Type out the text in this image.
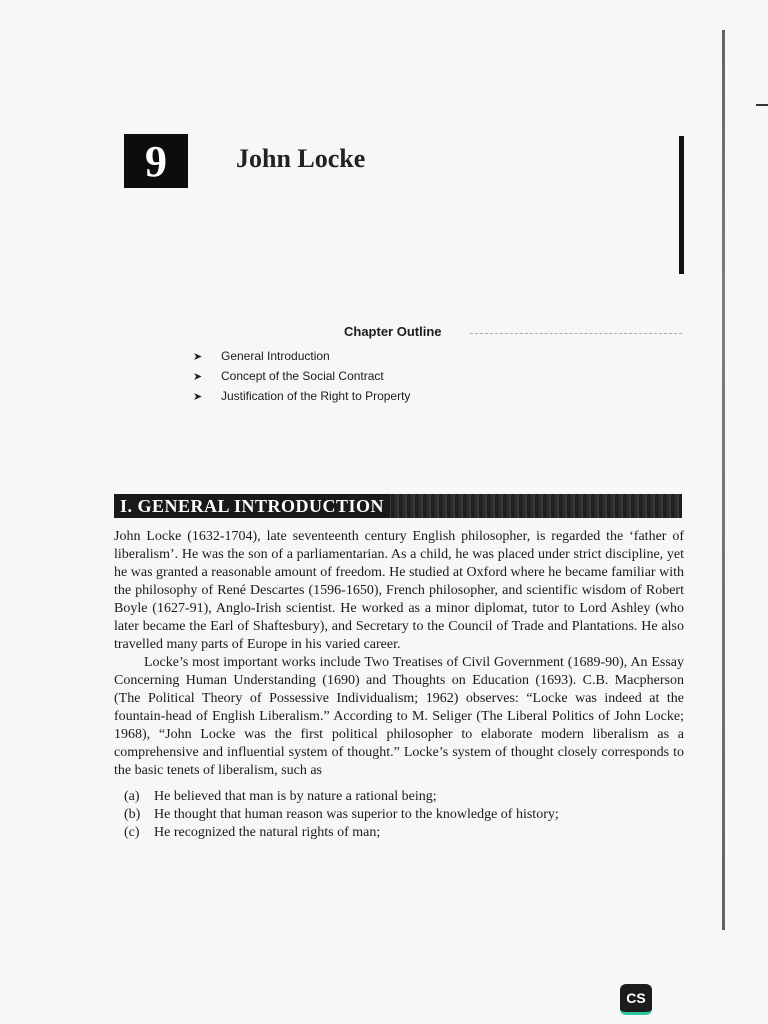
9	John Locke
Chapter Outline
➤	General Introduction
➤	Concept of the Social Contract
➤	Justification of the Right to Property
I. GENERAL INTRODUCTION

John Locke (1632-1704), late seventeenth century English philosopher, is regarded the ‘father of liberalism’. He was the son of a parliamentarian. As a child, he was placed under strict discipline, yet he was granted a reasonable amount of freedom. He studied at Oxford where he became familiar with the philosophy of René Descartes (1596-1650), French philosopher, and scientific wisdom of Robert Boyle (1627-91), Anglo-Irish scientist. He worked as a minor diplomat, tutor to Lord Ashley (who later became the Earl of Shaftesbury), and Secretary to the Council of Trade and Plantations. He also travelled many parts of Europe in his varied career.

Locke’s most important works include Two Treatises of Civil Government (1689-90), An Essay Concerning Human Understanding (1690) and Thoughts on Education (1693). C.B. Macpherson (The Political Theory of Possessive Individualism; 1962) observes: “Locke was indeed at the fountain-head of English Liberalism.” According to M. Seliger (The Liberal Politics of John Locke; 1968), “John Locke was the first political philosopher to elaborate modern liberalism as a comprehensive and influential system of thought.” Locke’s system of thought closely corresponds to the basic tenets of liberalism, such as

(a)	He believed that man is by nature a rational being;
(b) He thought that human reason was superior to the knowledge of history;
(c)	He recognized the natural rights of man;
CS
